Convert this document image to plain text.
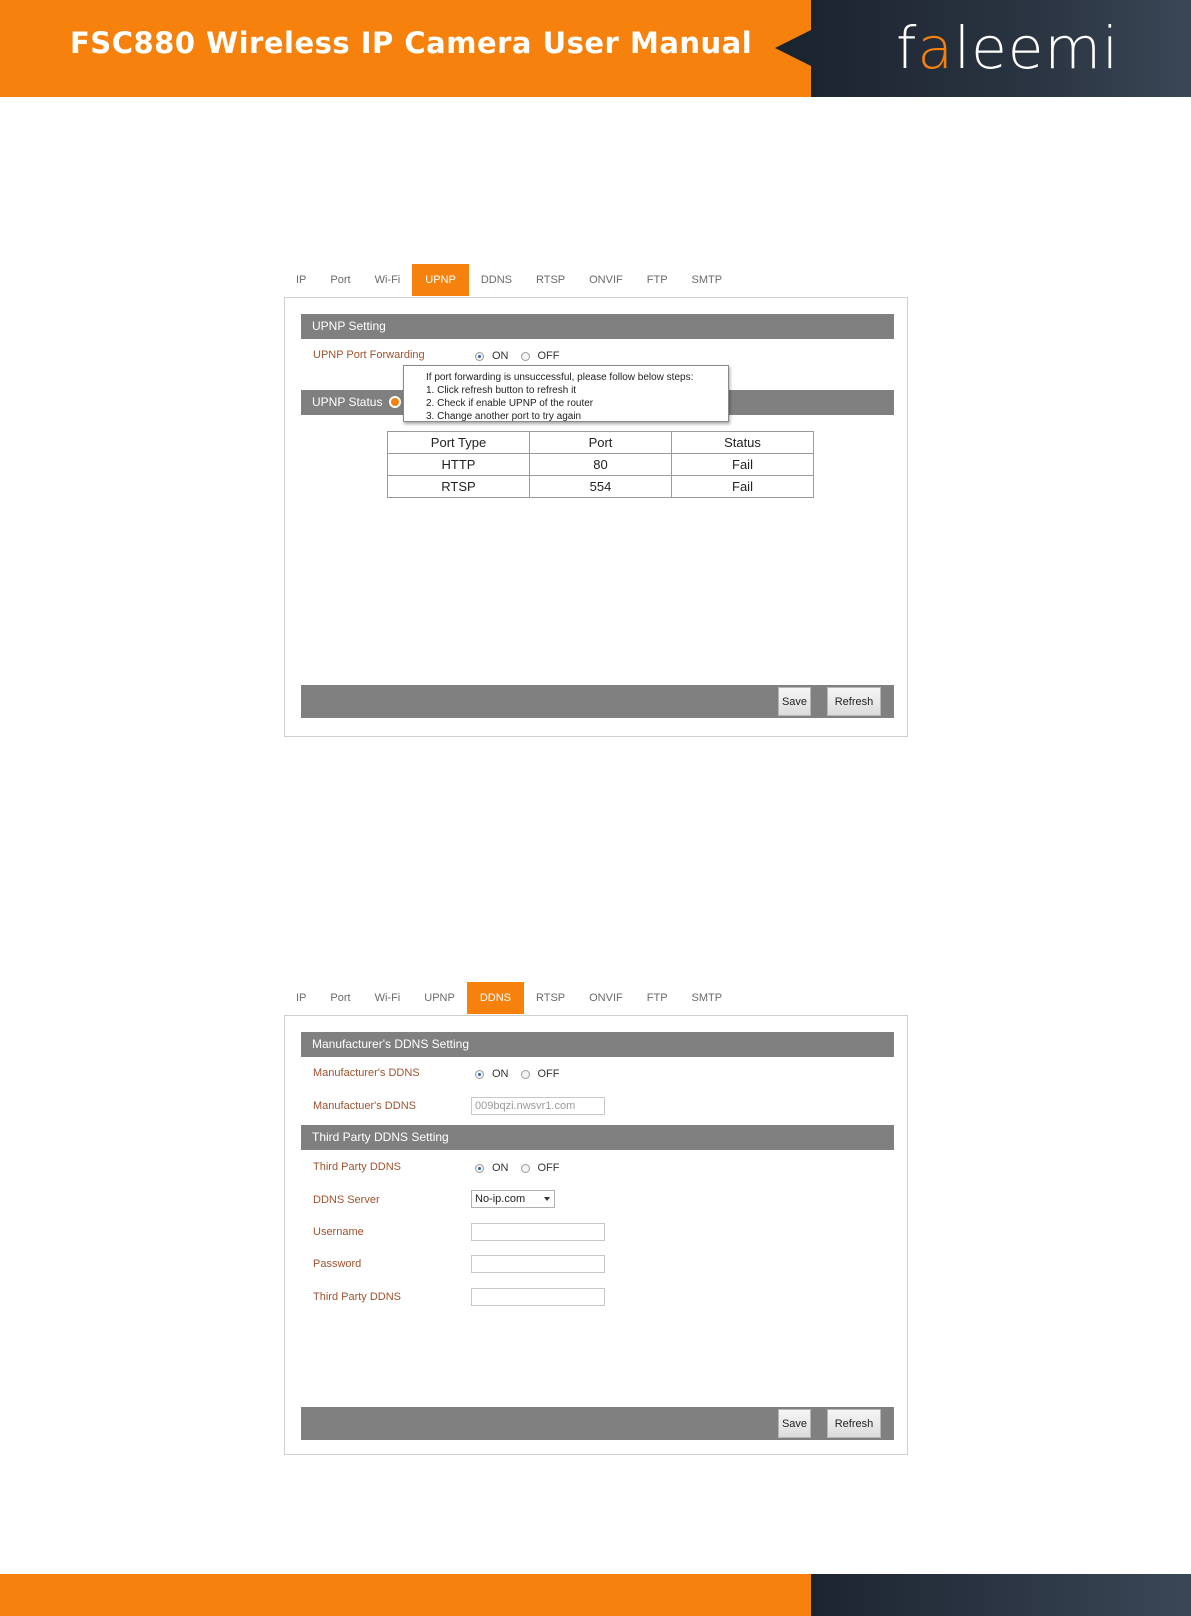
FSC880 Wireless IP Camera User Manual faleemi
IP	Port	Wi-Fi	UPNP	DDNS	RTSP	ONVIF	FTP	SMTP
UPNP Setting
UPNP Port Forwarding	ON	OFF
UPNP Status
If port forwarding is unsuccessful, please follow below steps:
1. Click refresh button to refresh it
2. Check if enable UPNP of the router
3. Change another port to try again
Port Type	Port	Status
HTTP	80	Fail
RTSP	554	Fail
Save	Refresh
IP	Port	Wi-Fi	UPNP	DDNS	RTSP	ONVIF	FTP	SMTP
Manufacturer's DDNS Setting
Manufacturer's DDNS	ON	OFF
Manufactuer's DDNS	009bqzi.nwsvr1.com
Third Party DDNS Setting
Third Party DDNS	ON	OFF
DDNS Server	No-ip.com
Username
Password
Third Party DDNS
Save	Refresh
